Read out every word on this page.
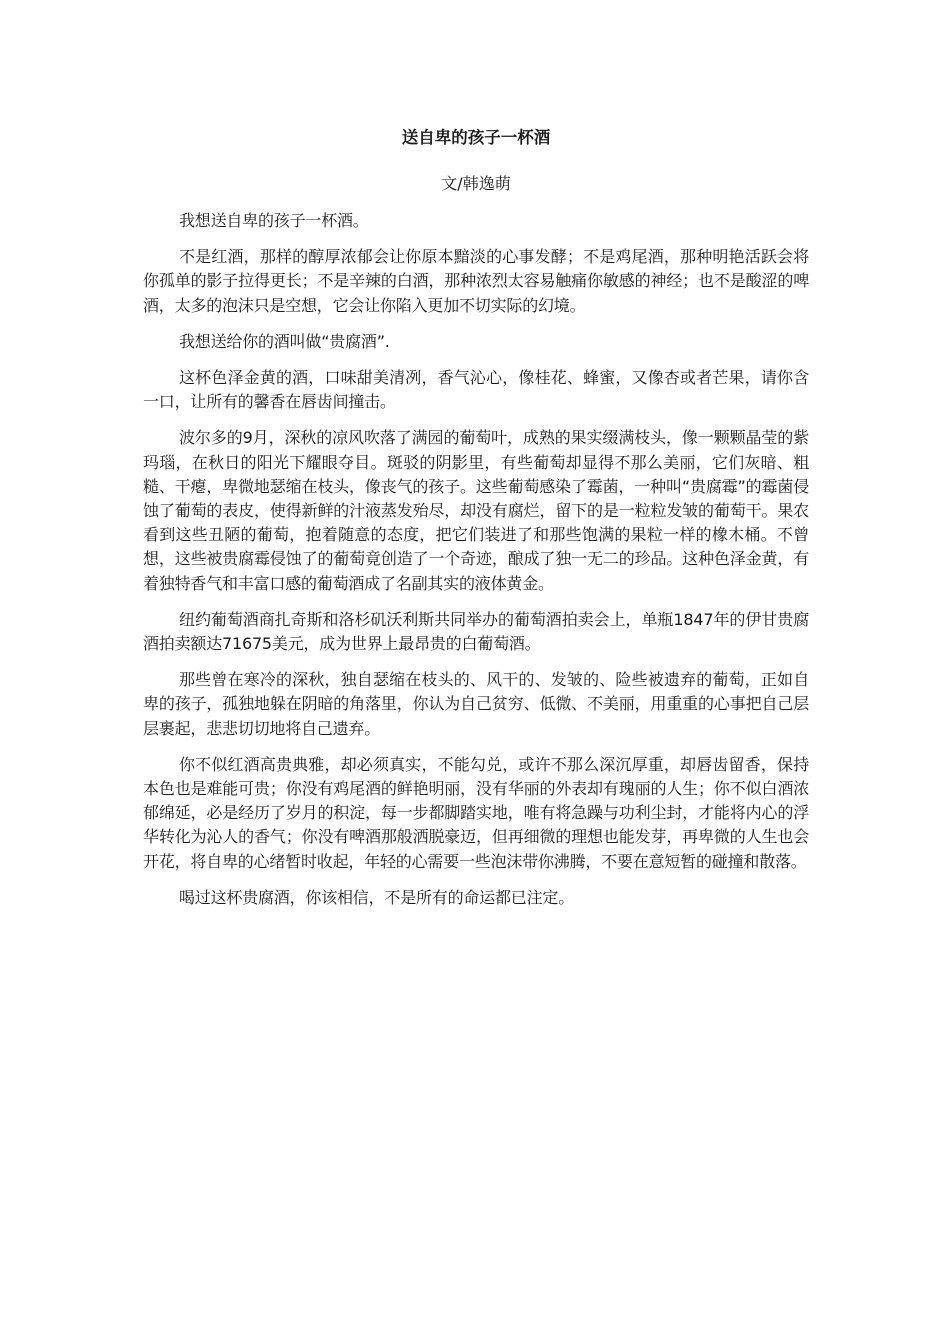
送自卑的孩子一杯酒
文/韩逸萌

我想送自卑的孩子一杯酒。

不是红酒，那样的醇厚浓郁会让你原本黯淡的心事发酵；不是鸡尾酒，那种明艳活跃会将你孤单的影子拉得更长；不是辛辣的白酒，那种浓烈太容易触痛你敏感的神经；也不是酸涩的啤酒，太多的泡沫只是空想，它会让你陷入更加不切实际的幻境。

我想送给你的酒叫做“贵腐酒”.

这杯色泽金黄的酒，口味甜美清冽，香气沁心，像桂花、蜂蜜，又像杏或者芒果，请你含一口，让所有的馨香在唇齿间撞击。

波尔多的9月，深秋的凉风吹落了满园的葡萄叶，成熟的果实缀满枝头，像一颗颗晶莹的紫玛瑙，在秋日的阳光下耀眼夺目。斑驳的阴影里，有些葡萄却显得不那么美丽，它们灰暗、粗糙、干瘪，卑微地瑟缩在枝头，像丧气的孩子。这些葡萄感染了霉菌，一种叫“贵腐霉”的霉菌侵蚀了葡萄的表皮，使得新鲜的汁液蒸发殆尽，却没有腐烂，留下的是一粒粒发皱的葡萄干。果农看到这些丑陋的葡萄，抱着随意的态度，把它们装进了和那些饱满的果粒一样的橡木桶。不曾想，这些被贵腐霉侵蚀了的葡萄竟创造了一个奇迹，酿成了独一无二的珍品。这种色泽金黄，有着独特香气和丰富口感的葡萄酒成了名副其实的液体黄金。

纽约葡萄酒商扎奇斯和洛杉矶沃利斯共同举办的葡萄酒拍卖会上，单瓶1847年的伊甘贵腐酒拍卖额达71675美元，成为世界上最昂贵的白葡萄酒。

那些曾在寒冷的深秋，独自瑟缩在枝头的、风干的、发皱的、险些被遗弃的葡萄，正如自卑的孩子，孤独地躲在阴暗的角落里，你认为自己贫穷、低微、不美丽，用重重的心事把自己层层裹起，悲悲切切地将自己遗弃。

你不似红酒高贵典雅，却必须真实，不能勾兑，或许不那么深沉厚重，却唇齿留香，保持本色也是难能可贵；你没有鸡尾酒的鲜艳明丽，没有华丽的外表却有瑰丽的人生；你不似白酒浓郁绵延，必是经历了岁月的积淀，每一步都脚踏实地，唯有将急躁与功利尘封，才能将内心的浮华转化为沁人的香气；你没有啤酒那般洒脱豪迈，但再细微的理想也能发芽，再卑微的人生也会开花，将自卑的心绪暂时收起，年轻的心需要一些泡沫带你沸腾，不要在意短暂的碰撞和散落。

喝过这杯贵腐酒，你该相信，不是所有的命运都已注定。
